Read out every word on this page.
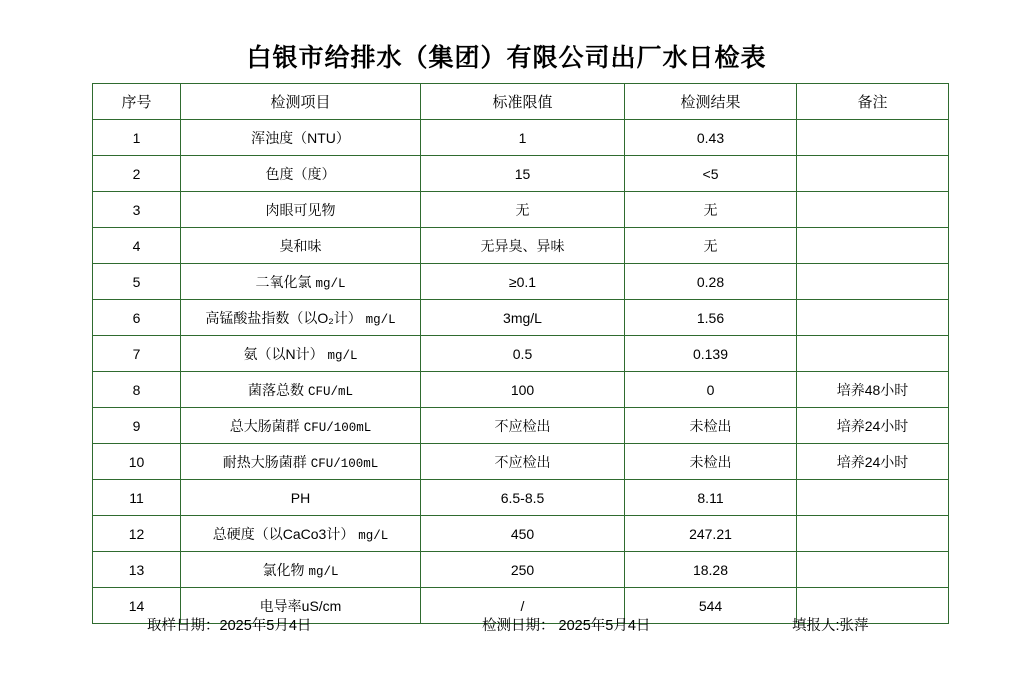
白银市给排水（集团）有限公司出厂水日检表
序号	检测项目	标准限值	检测结果	备注
1	浑浊度（NTU）	1	0.43	
2	色度（度）	15	<5	
3	肉眼可见物	无	无	
4	臭和味	无异臭、异味	无	
5	二氧化氯 mg/L	≥0.1	0.28	
6	高锰酸盐指数（以O₂计） mg/L	3mg/L	1.56	
7	氨（以N计） mg/L	0.5	0.139	
8	菌落总数 CFU/mL	100	0	培养48小时
9	总大肠菌群 CFU/100mL	不应检出	未检出	培养24小时
10	耐热大肠菌群 CFU/100mL	不应检出	未检出	培养24小时
11	PH	6.5-8.5	8.11	
12	总硬度（以CaCo3计） mg/L	450	247.21	
13	氯化物 mg/L	250	18.28	
14	电导率uS/cm	/	544	
取样日期：2025年5月4日	检测日期： 2025年5月4日	填报人:张萍
